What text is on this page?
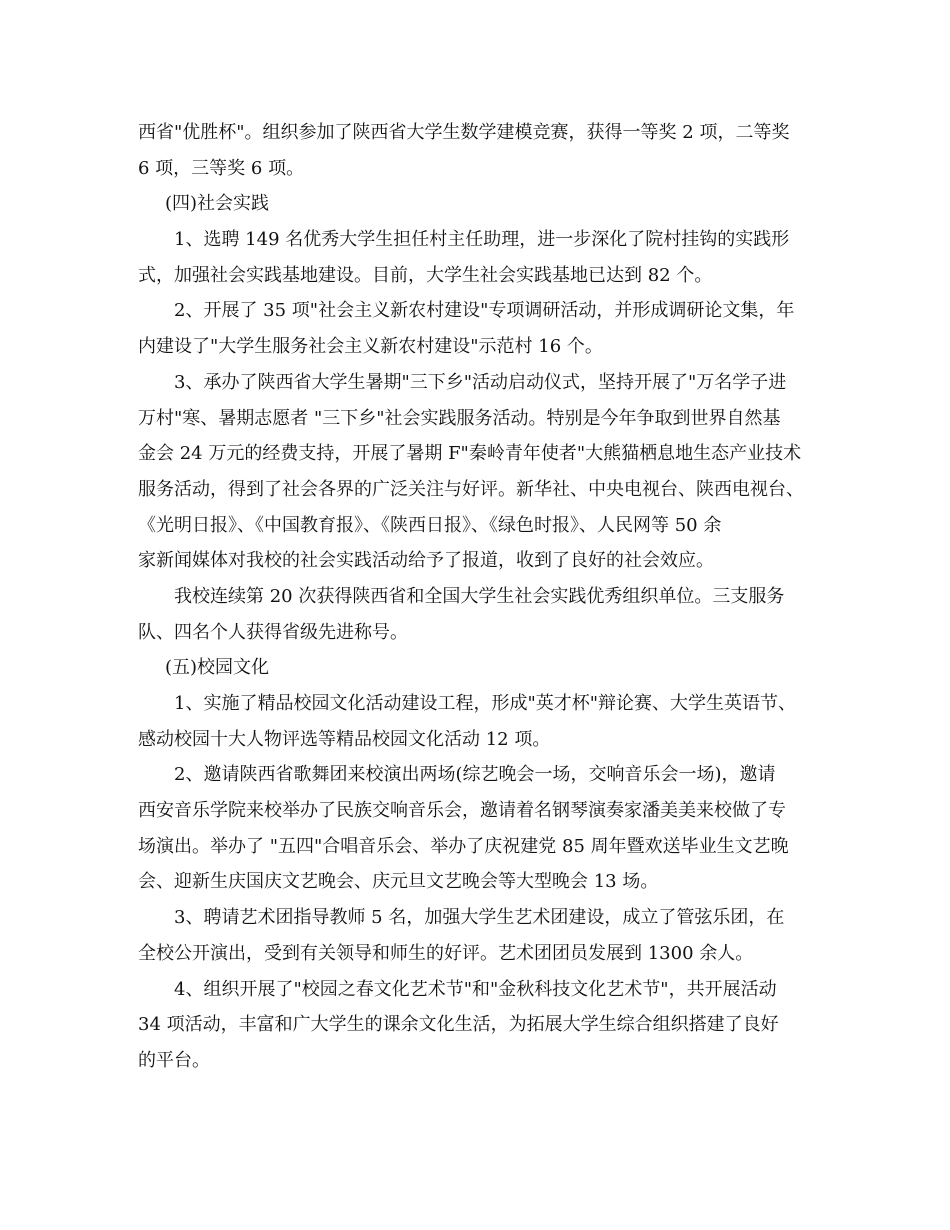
西省"优胜杯"。组织参加了陕西省大学生数学建模竞赛，获得一等奖 2 项，二等奖
6 项，三等奖 6 项。
(四)社会实践
1、选聘 149 名优秀大学生担任村主任助理，进一步深化了院村挂钩的实践形
式，加强社会实践基地建设。目前，大学生社会实践基地已达到 82 个。
2、开展了 35 项"社会主义新农村建设"专项调研活动，并形成调研论文集，年
内建设了"大学生服务社会主义新农村建设"示范村 16 个。
3、承办了陕西省大学生暑期"三下乡"活动启动仪式，坚持开展了"万名学子进
万村"寒、暑期志愿者 "三下乡"社会实践服务活动。特别是今年争取到世界自然基
金会 24 万元的经费支持，开展了暑期 F"秦岭青年使者"大熊猫栖息地生态产业技术
服务活动，得到了社会各界的广泛关注与好评。新华社、中央电视台、陕西电视台、
《光明日报》、《中国教育报》、《陕西日报》、《绿色时报》、人民网等 50 余
家新闻媒体对我校的社会实践活动给予了报道，收到了良好的社会效应。
我校连续第 20 次获得陕西省和全国大学生社会实践优秀组织单位。三支服务
队、四名个人获得省级先进称号。
(五)校园文化
1、实施了精品校园文化活动建设工程，形成"英才杯"辩论赛、大学生英语节、
感动校园十大人物评选等精品校园文化活动 12 项。
2、邀请陕西省歌舞团来校演出两场(综艺晚会一场，交响音乐会一场)，邀请
西安音乐学院来校举办了民族交响音乐会，邀请着名钢琴演奏家潘美美来校做了专
场演出。举办了 "五四"合唱音乐会、举办了庆祝建党 85 周年暨欢送毕业生文艺晚
会、迎新生庆国庆文艺晚会、庆元旦文艺晚会等大型晚会 13 场。
3、聘请艺术团指导教师 5 名，加强大学生艺术团建设，成立了管弦乐团，在
全校公开演出，受到有关领导和师生的好评。艺术团团员发展到 1300 余人。
4、组织开展了"校园之春文化艺术节"和"金秋科技文化艺术节"，共开展活动
34 项活动，丰富和广大学生的课余文化生活，为拓展大学生综合组织搭建了良好
的平台。
